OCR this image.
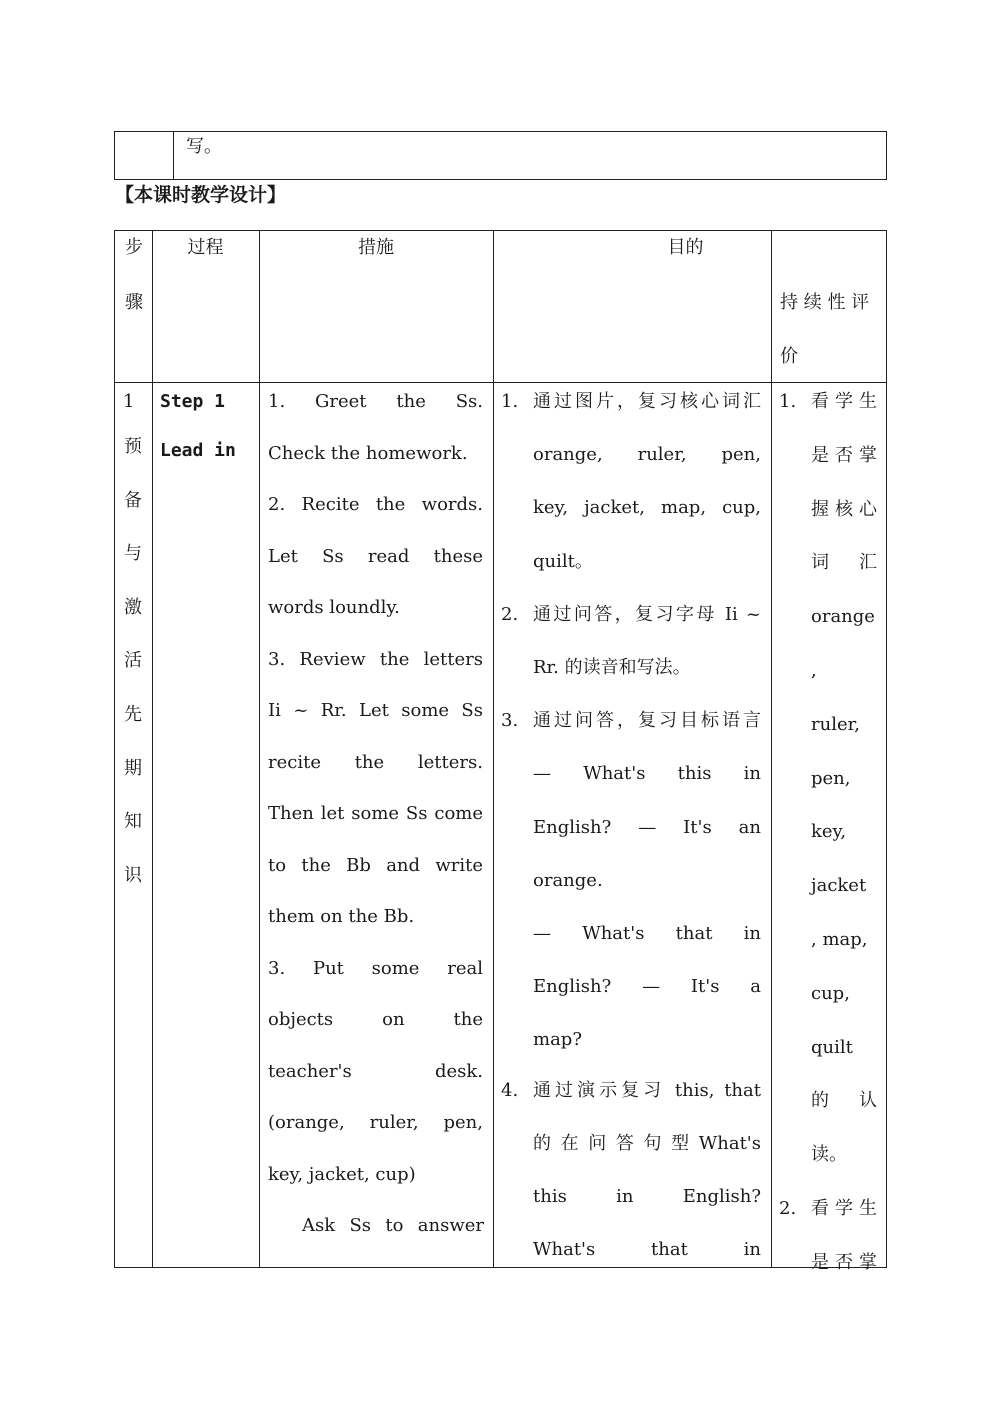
写。
【本课时教学设计】
步
骤
过程	措施	目的
持 续 性 评
价
1
预
备
与
激
活
先
期
知
识
Step 1
Lead in
1. Greet the Ss.
Check the homework.
2. Recite the words.
Let Ss read these
words loundly.
3. Review the letters
Ii ~ Rr. Let some Ss
recite the letters.
Then let some Ss come
to the Bb and write
them on the Bb.
3. Put some real
objects on the
teacher's desk.
(orange, ruler, pen,
key, jacket, cup)
Ask Ss to answer
1. 通过图片，复习核心词汇
orange, ruler, pen,
key, jacket, map, cup,
quilt。
2. 通过问答，复习字母 Ii ~
Rr. 的读音和写法。
3. 通过问答，复习目标语言
— What's this in
English? — It's an
orange.
— What's that in
English? — It's a
map?
4. 通过演示复习 this, that
的 在 问 答 句 型 What's
this in English?
What's that in
1. 看 学 生
是 否 掌
握 核 心
词 汇
orange
,
ruler,
pen,
key,
jacket
, map,
cup,
quilt
的 认
读。
2. 看 学 生
是 否 掌
